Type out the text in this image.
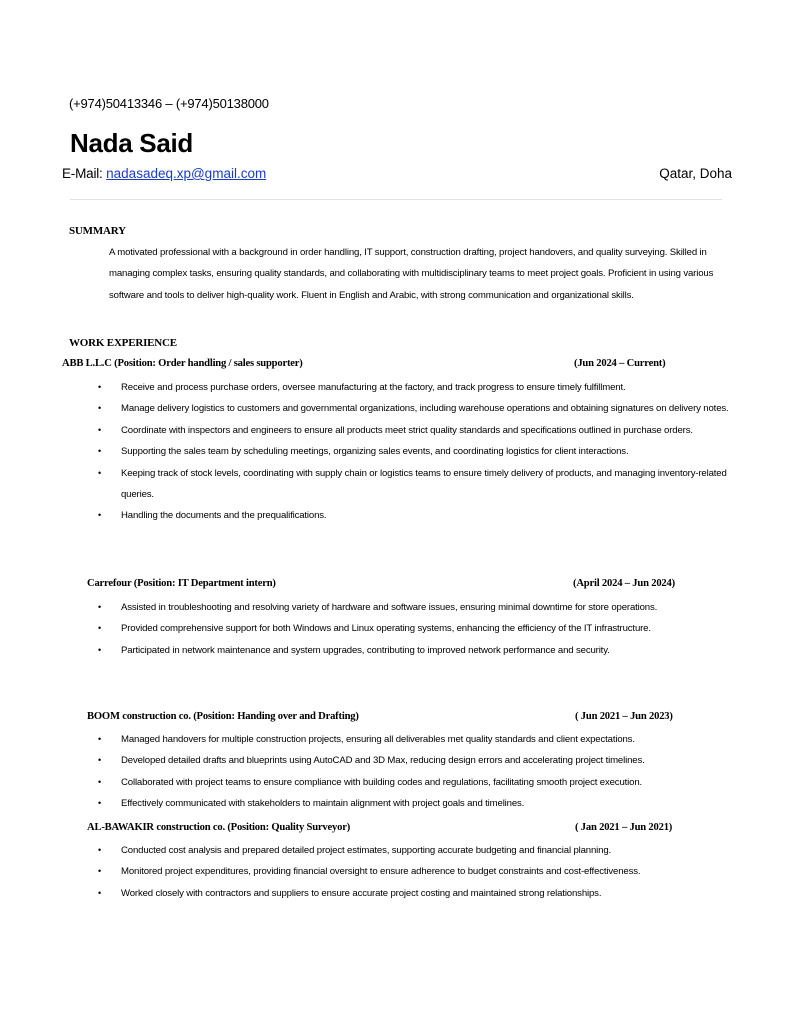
(+974)50413346 – (+974)50138000
Nada Said
E-Mail: nadasadeq.xp@gmail.com	Qatar, Doha
SUMMARY
A motivated professional with a background in order handling, IT support, construction drafting, project handovers, and quality surveying. Skilled in managing complex tasks, ensuring quality standards, and collaborating with multidisciplinary teams to meet project goals. Proficient in using various software and tools to deliver high-quality work. Fluent in English and Arabic, with strong communication and organizational skills.
WORK EXPERIENCE
ABB L.L.C (Position: Order handling / sales supporter)	(Jun 2024 – Current)
• Receive and process purchase orders, oversee manufacturing at the factory, and track progress to ensure timely fulfillment.
• Manage delivery logistics to customers and governmental organizations, including warehouse operations and obtaining signatures on delivery notes.
• Coordinate with inspectors and engineers to ensure all products meet strict quality standards and specifications outlined in purchase orders.
• Supporting the sales team by scheduling meetings, organizing sales events, and coordinating logistics for client interactions.
• Keeping track of stock levels, coordinating with supply chain or logistics teams to ensure timely delivery of products, and managing inventory-related queries.
• Handling the documents and the prequalifications.
Carrefour (Position: IT Department intern)	(April 2024 – Jun 2024)
• Assisted in troubleshooting and resolving variety of hardware and software issues, ensuring minimal downtime for store operations.
• Provided comprehensive support for both Windows and Linux operating systems, enhancing the efficiency of the IT infrastructure.
• Participated in network maintenance and system upgrades, contributing to improved network performance and security.
BOOM construction co. (Position: Handing over and Drafting)	( Jun 2021 – Jun 2023)
• Managed handovers for multiple construction projects, ensuring all deliverables met quality standards and client expectations.
• Developed detailed drafts and blueprints using AutoCAD and 3D Max, reducing design errors and accelerating project timelines.
• Collaborated with project teams to ensure compliance with building codes and regulations, facilitating smooth project execution.
• Effectively communicated with stakeholders to maintain alignment with project goals and timelines.
AL-BAWAKIR construction co. (Position: Quality Surveyor)	( Jan 2021 – Jun 2021)
• Conducted cost analysis and prepared detailed project estimates, supporting accurate budgeting and financial planning.
• Monitored project expenditures, providing financial oversight to ensure adherence to budget constraints and cost-effectiveness.
• Worked closely with contractors and suppliers to ensure accurate project costing and maintained strong relationships.
